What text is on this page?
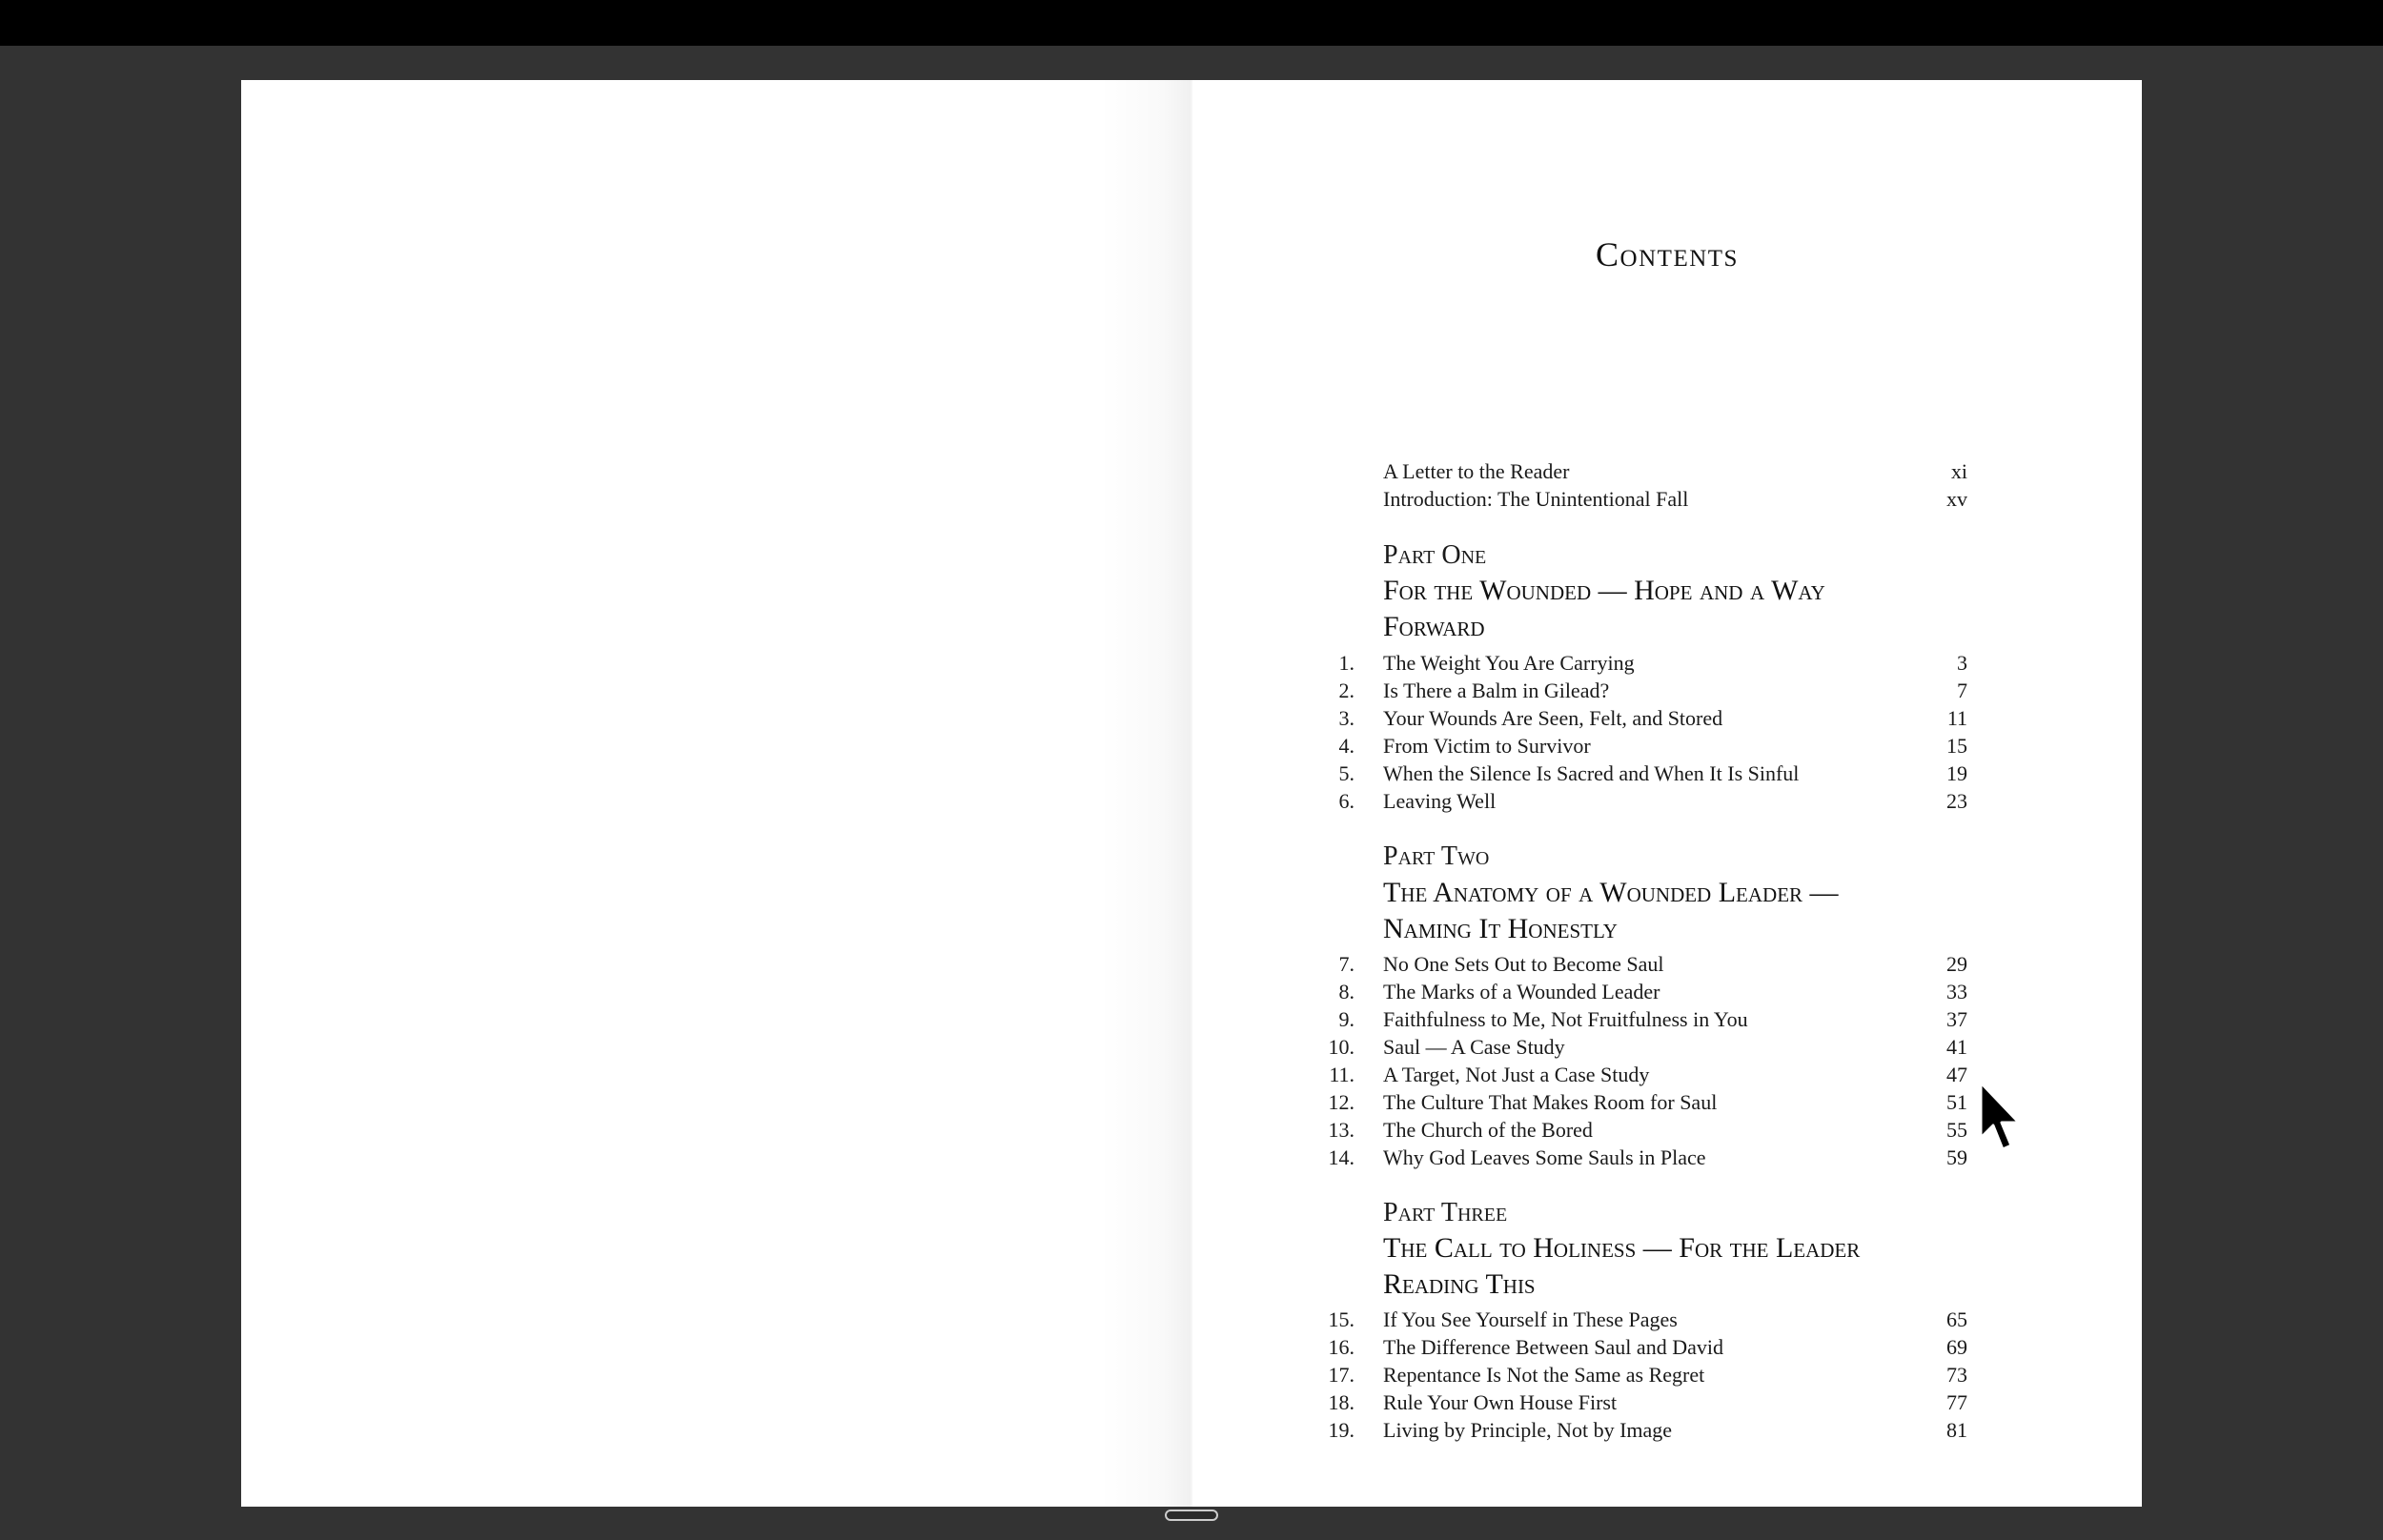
Contents
A Letter to the Reader	xi
Introduction: The Unintentional Fall	xv
Part One
For the Wounded — Hope and a Way Forward
1. The Weight You Are Carrying	3
2. Is There a Balm in Gilead?	7
3. Your Wounds Are Seen, Felt, and Stored	11
4. From Victim to Survivor	15
5. When the Silence Is Sacred and When It Is Sinful	19
6. Leaving Well	23
Part Two
The Anatomy of a Wounded Leader — Naming It Honestly
7. No One Sets Out to Become Saul	29
8. The Marks of a Wounded Leader	33
9. Faithfulness to Me, Not Fruitfulness in You	37
10. Saul — A Case Study	41
11. A Target, Not Just a Case Study	47
12. The Culture That Makes Room for Saul	51
13. The Church of the Bored	55
14. Why God Leaves Some Sauls in Place	59
Part Three
The Call to Holiness — For the Leader Reading This
15. If You See Yourself in These Pages	65
16. The Difference Between Saul and David	69
17. Repentance Is Not the Same as Regret	73
18. Rule Your Own House First	77
19. Living by Principle, Not by Image	81
